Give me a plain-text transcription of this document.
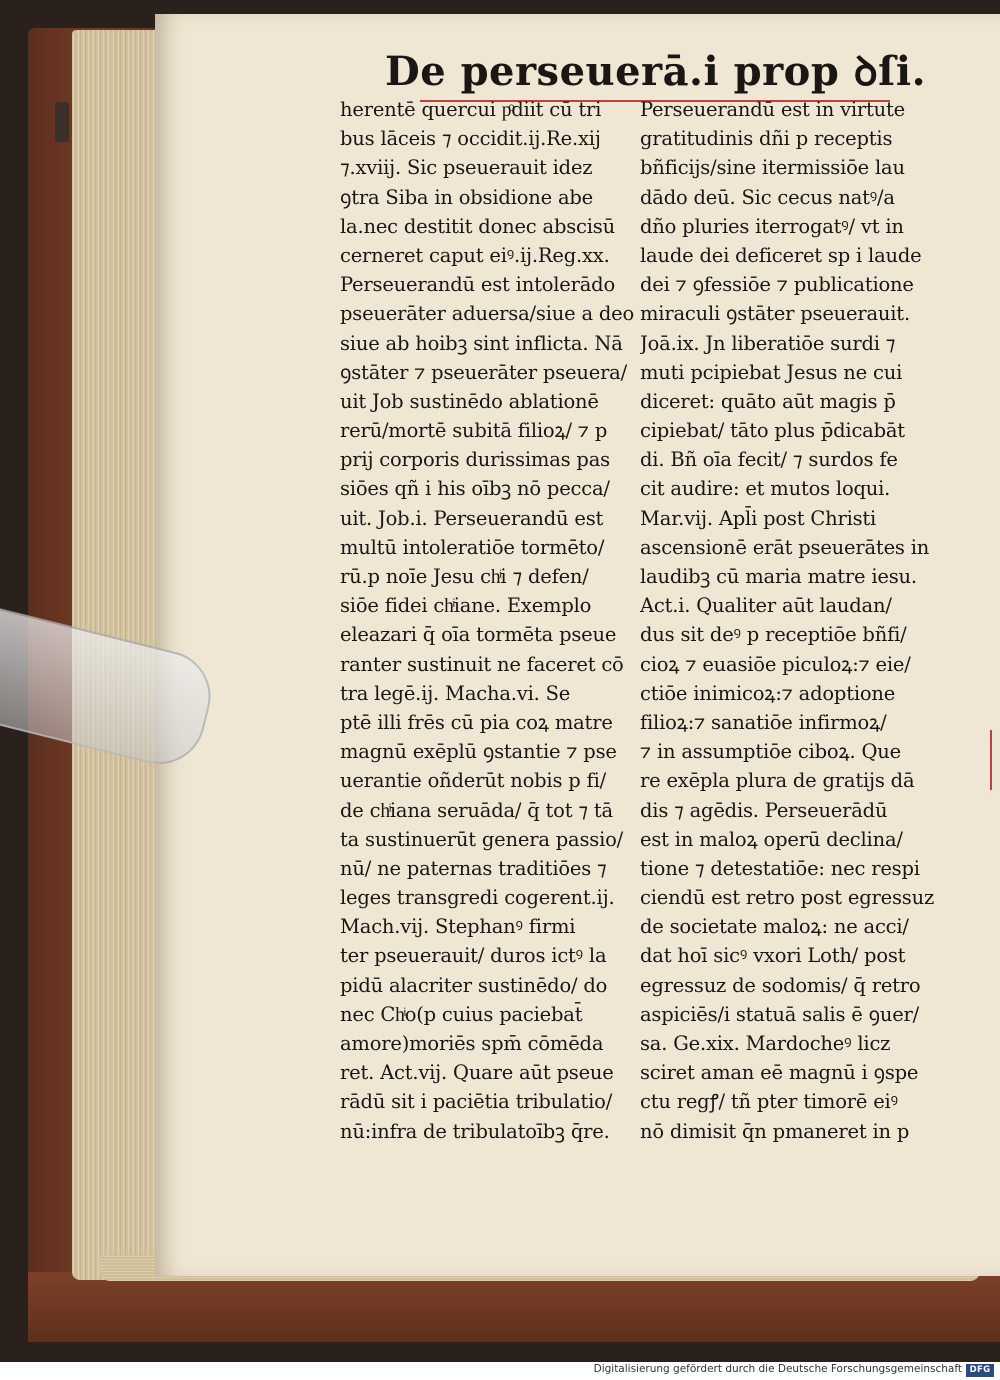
De perseuerā.i prop ꝺſi.
herentē quercui pͦdiit cū tri
bus lāceis ⁊ occidit.ij.Re.xij
⁊.xviij. Sic pseuerauit idez
ꝯtra Siba in obsidione abe
la.nec destitit donec abscisū
cerneret caput eiꝰ.ij.Reg.xx.
Perseuerandū est intolerādo
pseuerāter aduersa/siue a deo
siue ab hoibꝫ sint inflicta. Nā
ꝯstāter ⁊ pseuerāter pseuera/
uit Job sustinēdo ablationē
rerū/mortē subitā filioꝝ/ ⁊ p
prij corporis durissimas pas
siōes qñ i his oībꝫ nō pecca/
uit. Job.i. Perseuerandū est
multū intoleratiōe tormēto/
rū.p noīe Jesu chͥi ⁊ defen/
siōe fidei chͥiane. Exemplo
eleazari q̄ oīa tormēta pseue
ranter sustinuit ne faceret cō
tra legē.ij. Macha.vi. Se
ptē illi frēs cū pia coꝝ matre
magnū exēplū ꝯstantie ⁊ pse
uerantie oñderūt nobis p fi/
de chͥiana seruāda/ q̄ tot ⁊ tā
ta sustinuerūt genera passio/
nū/ ne paternas traditiōes ⁊
leges transgredi cogerent.ij.
Mach.vij. Stephanꝰ firmi
ter pseuerauit/ duros ictꝰ la
pidū alacriter sustinēdo/ do
nec Chͥo(p cuius paciebat̄
amore)moriēs spm̄ cōmēda
ret. Act.vij. Quare aūt pseue
rādū sit i paciētia tribulatio/
nū:infra de tribulatoībꝫ q̄re.
Perseuerandū est in virtute
gratitudinis dñi p receptis
bñficijs/sine itermissiōe lau
dādo deū. Sic cecus natꝰ/a
dño pluries iterrogatꝰ/ vt in
laude dei deficeret sp i laude
dei ⁊ ꝯfessiōe ⁊ publicatione
miraculi ꝯstāter pseuerauit.
Joā.ix. Jn liberatiōe surdi ⁊
muti pcipiebat Jesus ne cui
diceret: quāto aūt magis p̄
cipiebat/ tāto plus p̄dicabāt
di. Bñ oīa fecit/ ⁊ surdos fe
cit audire: et mutos loqui.
Mar.vij. Apl̄i post Christi
ascensionē erāt pseuerātes in
laudibꝫ cū maria matre iesu.
Act.i. Qualiter aūt laudan/
dus sit deꝰ p receptiōe bñfi/
cioꝝ ⁊ euasiōe piculoꝝ:⁊ eie/
ctiōe inimicoꝝ:⁊ adoptione
filioꝝ:⁊ sanatiōe infirmoꝝ/
⁊ in assumptiōe ciboꝝ. Que
re exēpla plura de gratijs dā
dis ⁊ agēdis. Perseuerādū
est in maloꝝ operū declina/
tione ⁊ detestatiōe: nec respi
ciendū est retro post egressuz
de societate maloꝝ: ne acci/
dat hoī sicꝰ vxori Loth/ post
egressuz de sodomis/ q̄ retro
aspiciēs/i statuā salis ē ꝯuer/
sa. Ge.xix. Mardocheꝰ licz
sciret aman eē magnū i ꝯspe
ctu regꝭ/ tñ pter timorē eiꝰ
nō dimisit q̄n pmaneret in p
Digitalisierung gefördert durch die Deutsche Forschungsgemeinschaft DFG
